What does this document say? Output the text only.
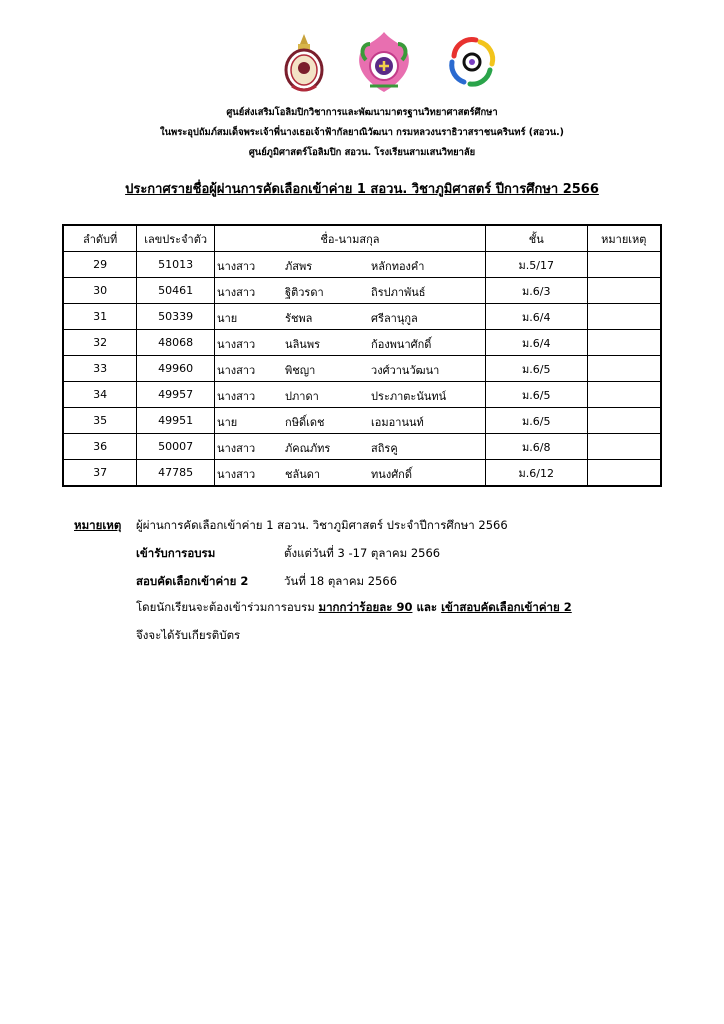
ศูนย์ส่งเสริมโอลิมปิกวิชาการและพัฒนามาตรฐานวิทยาศาสตร์ศึกษา
ในพระอุปถัมภ์สมเด็จพระเจ้าพี่นางเธอเจ้าฟ้ากัลยาณิวัฒนา กรมหลวงนราธิวาสราชนครินทร์ (สอวน.)
ศูนย์ภูมิศาสตร์โอลิมปิก สอวน. โรงเรียนสามเสนวิทยาลัย
ประกาศรายชื่อผู้ผ่านการคัดเลือกเข้าค่าย 1 สอวน. วิชาภูมิศาสตร์ ปีการศึกษา 2566
ลำดับที่	เลขประจำตัว	ชื่อ-นามสกุล	ชั้น	หมายเหตุ
29	51013	นางสาว ภัสพร หลักทองคำ	ม.5/17	
30	50461	นางสาว ฐิติวรดา ถิรปภาพันธ์	ม.6/3	
31	50339	นาย รัชพล ศรีลานุกูล	ม.6/4	
32	48068	นางสาว นลินพร ก้องพนาศักดิ์	ม.6/4	
33	49960	นางสาว พิชญา วงศ์วานวัฒนา	ม.6/5	
34	49957	นางสาว ปภาดา ประภาตะนันทน์	ม.6/5	
35	49951	นาย กษิดิ์เดช เอมอานนท์	ม.6/5	
36	50007	นางสาว ภัคณภัทร สถิรคู	ม.6/8	
37	47785	นางสาว ชลันดา ทนงศักดิ์	ม.6/12	
หมายเหตุ ผู้ผ่านการคัดเลือกเข้าค่าย 1 สอวน. วิชาภูมิศาสตร์ ประจำปีการศึกษา 2566
เข้ารับการอบรม	ตั้งแต่วันที่ 3 -17 ตุลาคม 2566
สอบคัดเลือกเข้าค่าย 2	วันที่ 18 ตุลาคม 2566
โดยนักเรียนจะต้องเข้าร่วมการอบรม มากกว่าร้อยละ 90 และ เข้าสอบคัดเลือกเข้าค่าย 2
จึงจะได้รับเกียรติบัตร
